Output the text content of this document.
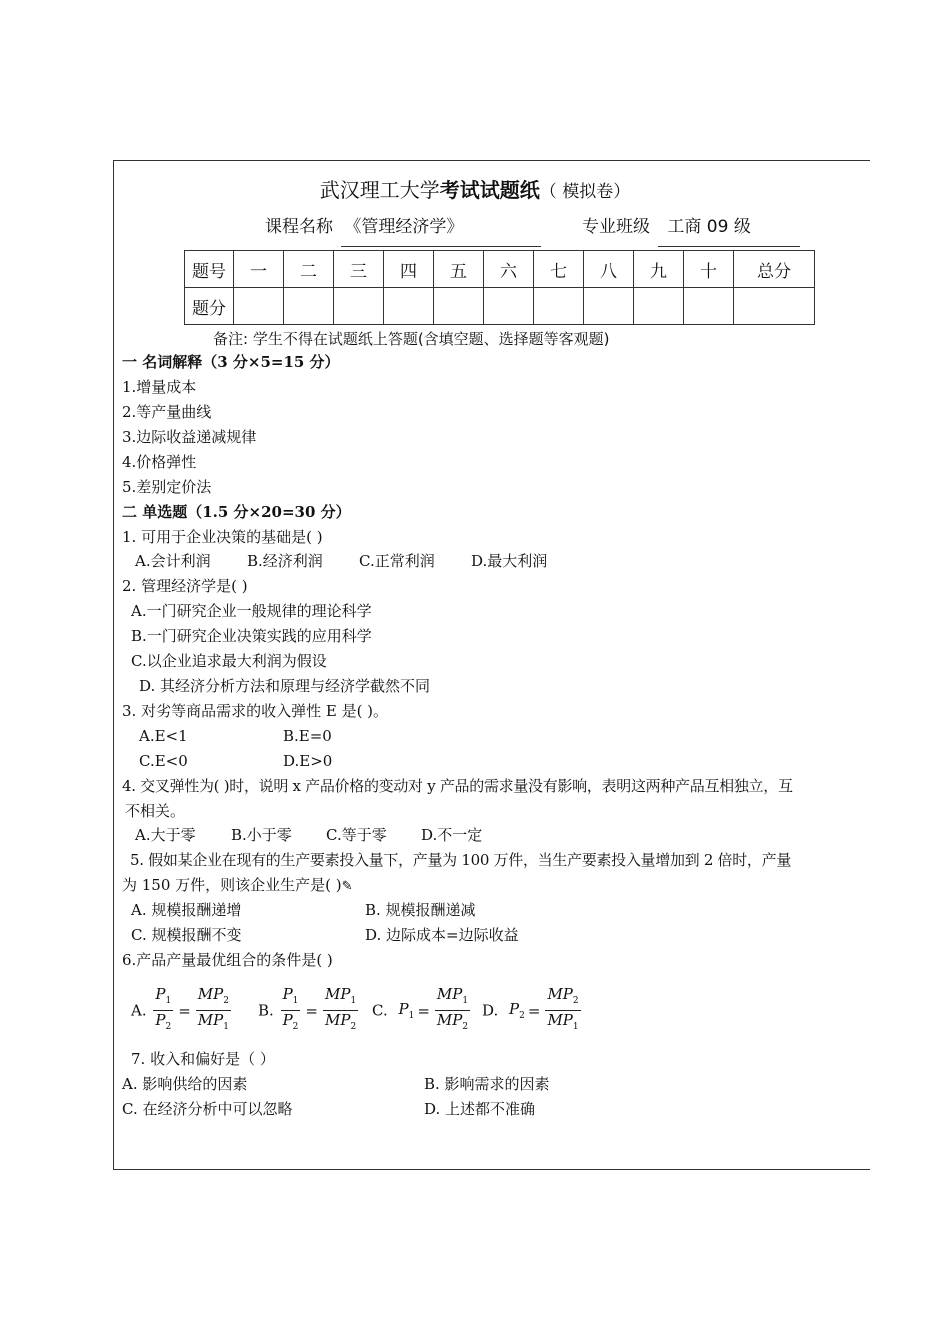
武汉理工大学考试试题纸（ 模拟卷）
课程名称 《管理经济学》	专业班级 工商 09 级
题号	一	二	三	四	五	六	七	八	九	十	总分
题分											
备注: 学生不得在试题纸上答题(含填空题、选择题等客观题)
一 名词解释（3 分×5=15 分）
1.增量成本
2.等产量曲线
3.边际收益递减规律
4.价格弹性
5.差别定价法
二 单选题（1.5 分×20=30 分）
1. 可用于企业决策的基础是( )
A.会计利润 B.经济利润 C.正常利润 D.最大利润
2. 管理经济学是( )
A.一门研究企业一般规律的理论科学
B.一门研究企业决策实践的应用科学
C.以企业追求最大利润为假设
D. 其经济分析方法和原理与经济学截然不同
3. 对劣等商品需求的收入弹性 E 是( )。
A.E<1	B.E=0
C.E<0	D.E>0
4. 交叉弹性为( )时，说明 x 产品价格的变动对 y 产品的需求量没有影响，表明这两种产品互相独立，互
不相关。
A.大于零 B.小于零 C.等于零 D.不一定
5. 假如某企业在现有的生产要素投入量下，产量为 100 万件，当生产要素投入量增加到 2 倍时，产量
为 150 万件，则该企业生产是( )✎
A. 规模报酬递增	B. 规模报酬递减
C. 规模报酬不变	D. 边际成本=边际收益
6.产品产量最优组合的条件是( )
A. $\frac{P_1}{P_2} = \frac{MP_2}{MP_1} B$. $\frac{P_1}{P_2} = \frac{MP_1}{MP_2} C$. $P_1 = \frac{MP_1}{MP_2} D$. $P_2 = \frac{MP_2}{MP_1}$
7. 收入和偏好是（ ）
A. 影响供给的因素	B. 影响需求的因素
C. 在经济分析中可以忽略	D. 上述都不准确
